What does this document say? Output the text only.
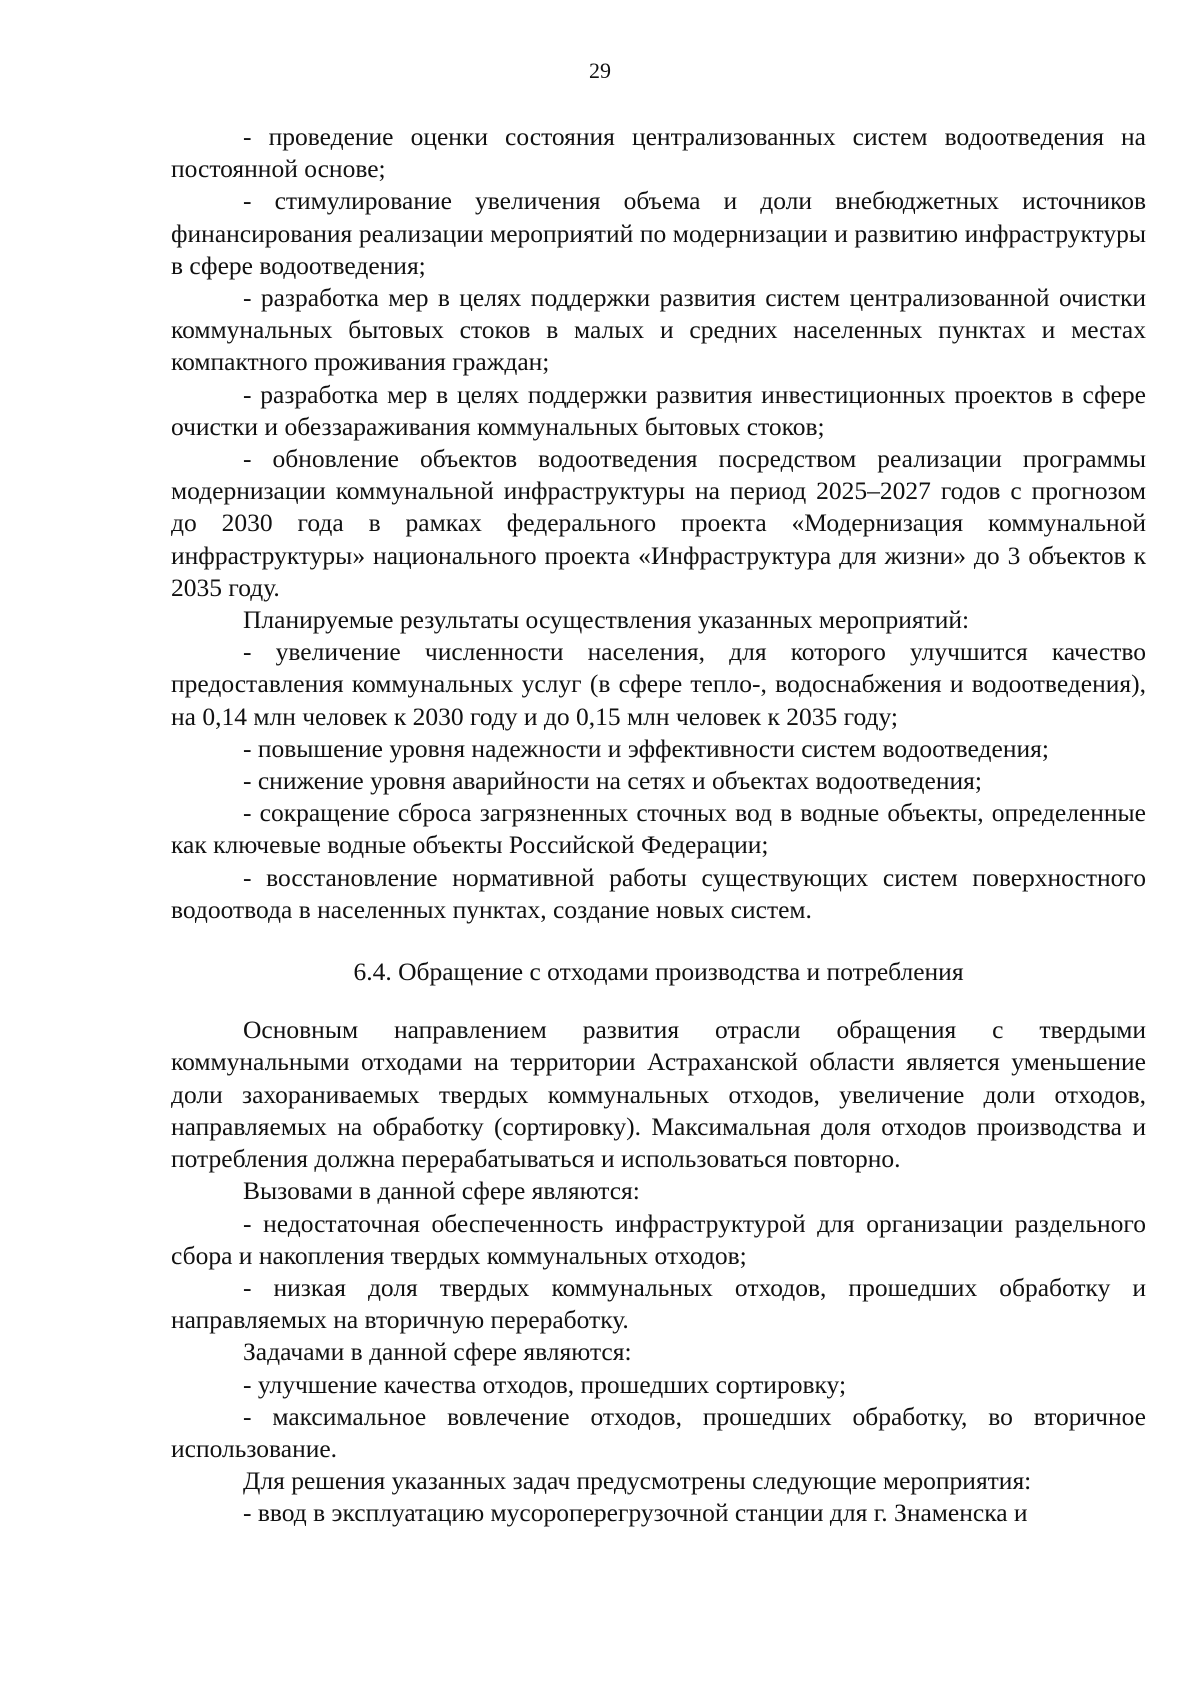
29

- проведение оценки состояния централизованных систем водоотведения на постоянной основе;

- стимулирование увеличения объема и доли внебюджетных источников финансирования реализации мероприятий по модернизации и развитию инфраструктуры в сфере водоотведения;

- разработка мер в целях поддержки развития систем централизованной очистки коммунальных бытовых стоков в малых и средних населенных пунктах и местах компактного проживания граждан;

- разработка мер в целях поддержки развития инвестиционных проектов в сфере очистки и обеззараживания коммунальных бытовых стоков;

- обновление объектов водоотведения посредством реализации программы модернизации коммунальной инфраструктуры на период 2025–2027 годов с прогнозом до 2030 года в рамках федерального проекта «Модернизация коммунальной инфраструктуры» национального проекта «Инфраструктура для жизни» до 3 объектов к 2035 году.

Планируемые результаты осуществления указанных мероприятий:

- увеличение численности населения, для которого улучшится качество предоставления коммунальных услуг (в сфере тепло-, водоснабжения и водоотведения), на 0,14 млн человек к 2030 году и до 0,15 млн человек к 2035 году;

- повышение уровня надежности и эффективности систем водоотведения;

- снижение уровня аварийности на сетях и объектах водоотведения;

- сокращение сброса загрязненных сточных вод в водные объекты, определенные как ключевые водные объекты Российской Федерации;

- восстановление нормативной работы существующих систем поверхностного водоотвода в населенных пунктах, создание новых систем.

6.4. Обращение с отходами производства и потребления

Основным направлением развития отрасли обращения с твердыми коммунальными отходами на территории Астраханской области является уменьшение доли захораниваемых твердых коммунальных отходов, увеличение доли отходов, направляемых на обработку (сортировку). Максимальная доля отходов производства и потребления должна перерабатываться и использоваться повторно.

Вызовами в данной сфере являются:

- недостаточная обеспеченность инфраструктурой для организации раздельного сбора и накопления твердых коммунальных отходов;

- низкая доля твердых коммунальных отходов, прошедших обработку и направляемых на вторичную переработку.

Задачами в данной сфере являются:

- улучшение качества отходов, прошедших сортировку;

- максимальное вовлечение отходов, прошедших обработку, во вторичное использование.

Для решения указанных задач предусмотрены следующие мероприятия:

- ввод в эксплуатацию мусороперегрузочной станции для г. Знаменска и
